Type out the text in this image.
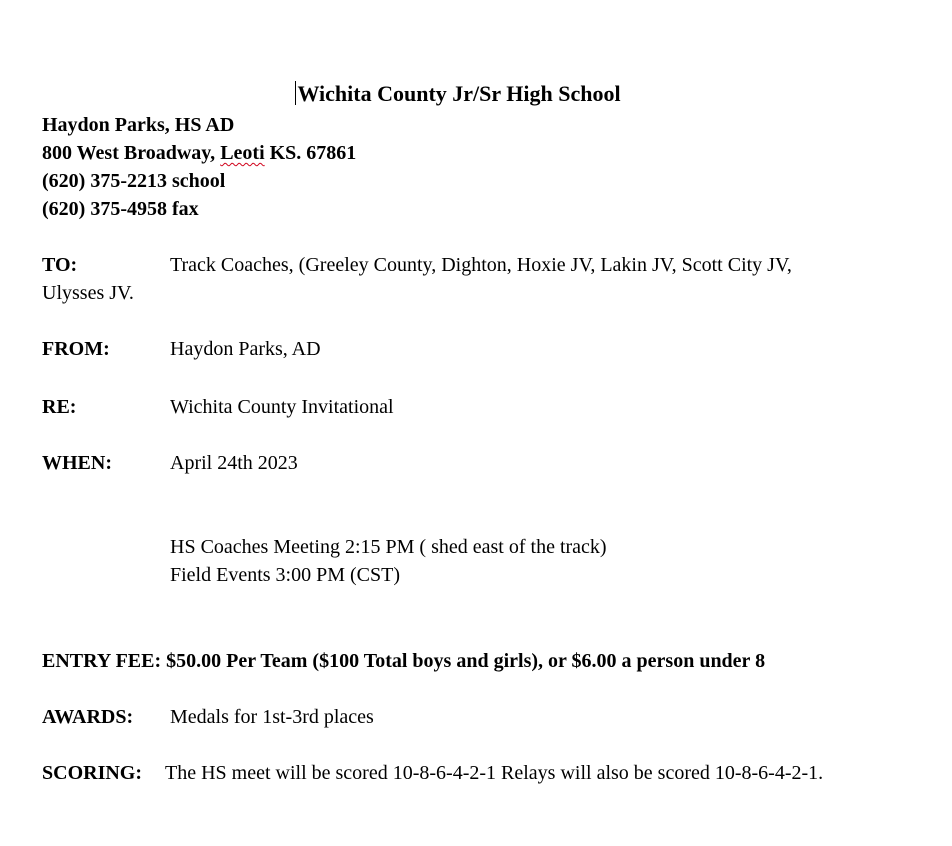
Wichita County Jr/Sr High School
Haydon Parks, HS AD
800 West Broadway, Leoti KS. 67861
(620) 375-2213 school
(620) 375-4958 fax
TO:	Track Coaches, (Greeley County, Dighton, Hoxie JV, Lakin JV, Scott City JV,
Ulysses JV.
FROM:	Haydon Parks, AD
RE:	Wichita County Invitational
WHEN:	April 24th 2023
HS Coaches Meeting 2:15 PM ( shed east of the track)
Field Events 3:00 PM (CST)
ENTRY FEE: $50.00 Per Team ($100 Total boys and girls), or $6.00 a person under 8
AWARDS: Medals for 1st-3rd places
SCORING: The HS meet will be scored 10-8-6-4-2-1 Relays will also be scored 10-8-6-4-2-1.
